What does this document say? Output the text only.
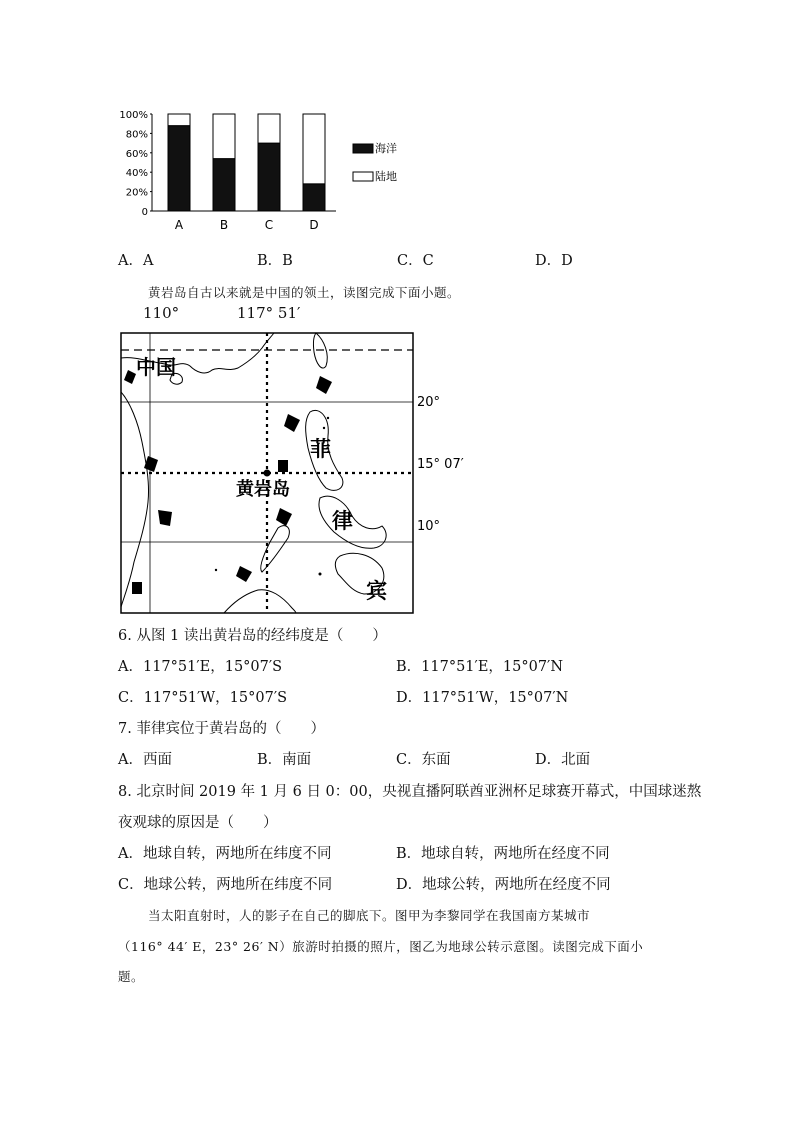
0
20%
40%
60%
80%
100%
A	B	C	D
海洋
陆地
A．A	B．B	C．C	D．D
黄岩岛自古以来就是中国的领土，读图完成下面小题。
110°	117° 51′
中国
黄岩岛
菲
律
宾
20°
15° 07′
10°
6. 从图 1 读出黄岩岛的经纬度是（　　）
A．117°51′E，15°07′S	B．117°51′E，15°07′N
C．117°51′W，15°07′S	D．117°51′W，15°07′N
7. 菲律宾位于黄岩岛的（　　）
A．西面	B．南面	C．东面	D．北面
8. 北京时间 2019 年 1 月 6 日 0：00，央视直播阿联酋亚洲杯足球赛开幕式，中国球迷熬
夜观球的原因是（　　）
A．地球自转，两地所在纬度不同	B．地球自转，两地所在经度不同
C．地球公转，两地所在纬度不同	D．地球公转，两地所在经度不同
当太阳直射时，人的影子在自己的脚底下。图甲为李黎同学在我国南方某城市
（116° 44′ E，23° 26′ N）旅游时拍摄的照片，图乙为地球公转示意图。读图完成下面小
题。
